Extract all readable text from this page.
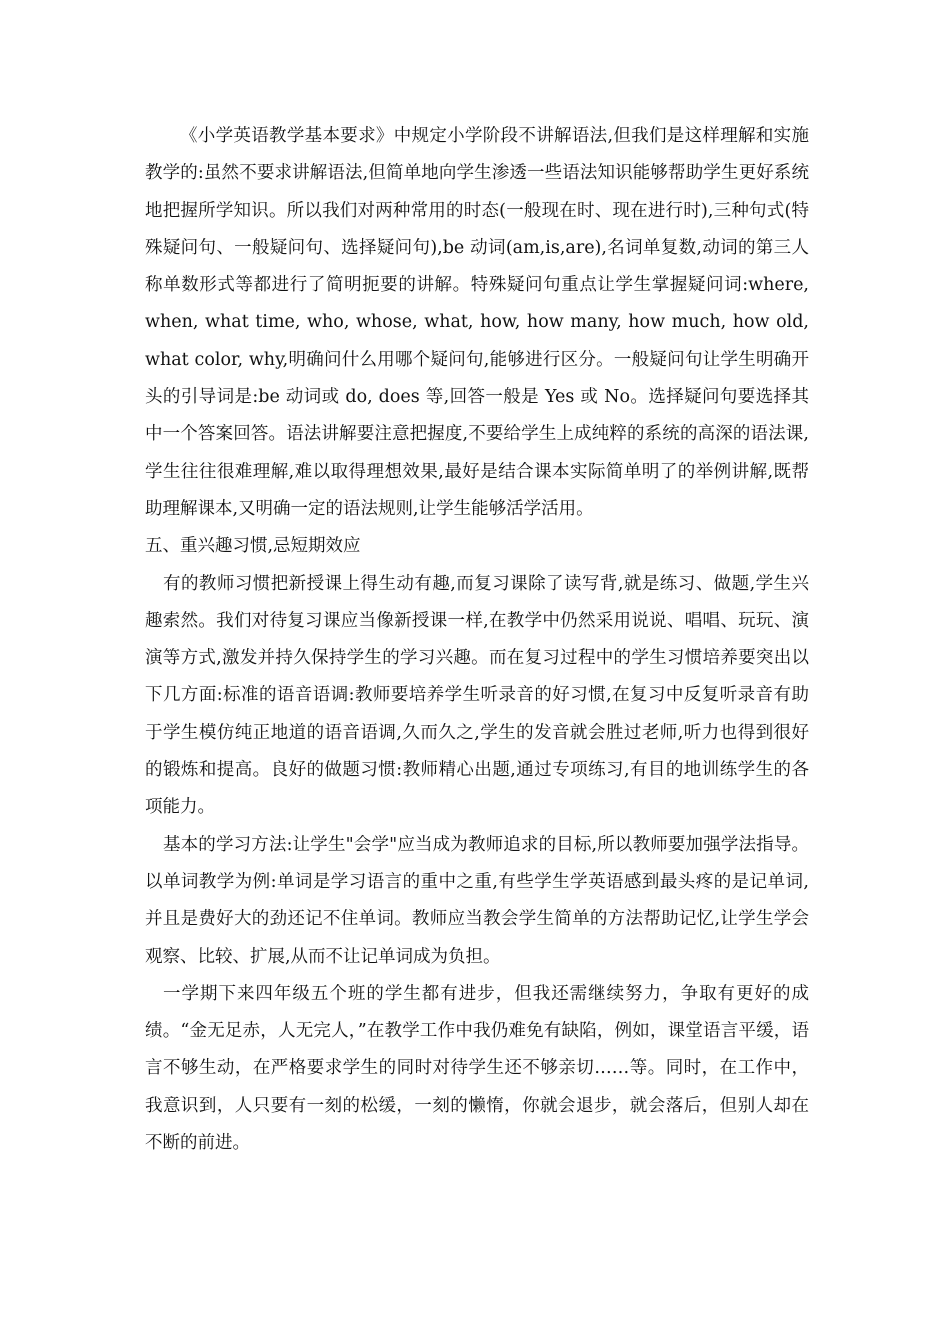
《小学英语教学基本要求》中规定小学阶段不讲解语法,但我们是这样理解和实施教学的:虽然不要求讲解语法,但简单地向学生渗透一些语法知识能够帮助学生更好系统地把握所学知识。所以我们对两种常用的时态(一般现在时、现在进行时),三种句式(特殊疑问句、一般疑问句、选择疑问句),be 动词(am,is,are),名词单复数,动词的第三人称单数形式等都进行了简明扼要的讲解。特殊疑问句重点让学生掌握疑问词:where, when, what time, who, whose, what, how, how many, how much, how old, what color, why,明确问什么用哪个疑问句,能够进行区分。一般疑问句让学生明确开头的引导词是:be 动词或 do, does 等,回答一般是 Yes 或 No。选择疑问句要选择其中一个答案回答。语法讲解要注意把握度,不要给学生上成纯粹的系统的高深的语法课,学生往往很难理解,难以取得理想效果,最好是结合课本实际简单明了的举例讲解,既帮助理解课本,又明确一定的语法规则,让学生能够活学活用。

五、重兴趣习惯,忌短期效应

有的教师习惯把新授课上得生动有趣,而复习课除了读写背,就是练习、做题,学生兴趣索然。我们对待复习课应当像新授课一样,在教学中仍然采用说说、唱唱、玩玩、演演等方式,激发并持久保持学生的学习兴趣。而在复习过程中的学生习惯培养要突出以下几方面:标准的语音语调:教师要培养学生听录音的好习惯,在复习中反复听录音有助于学生模仿纯正地道的语音语调,久而久之,学生的发音就会胜过老师,听力也得到很好的锻炼和提高。良好的做题习惯:教师精心出题,通过专项练习,有目的地训练学生的各项能力。

基本的学习方法:让学生"会学"应当成为教师追求的目标,所以教师要加强学法指导。以单词教学为例:单词是学习语言的重中之重,有些学生学英语感到最头疼的是记单词,并且是费好大的劲还记不住单词。教师应当教会学生简单的方法帮助记忆,让学生学会观察、比较、扩展,从而不让记单词成为负担。

一学期下来四年级五个班的学生都有进步，但我还需继续努力，争取有更好的成绩。“金无足赤，人无完人，”在教学工作中我仍难免有缺陷，例如，课堂语言平缓，语言不够生动，在严格要求学生的同时对待学生还不够亲切……等。同时，在工作中，我意识到，人只要有一刻的松缓，一刻的懒惰，你就会退步，就会落后，但别人却在不断的前进。
